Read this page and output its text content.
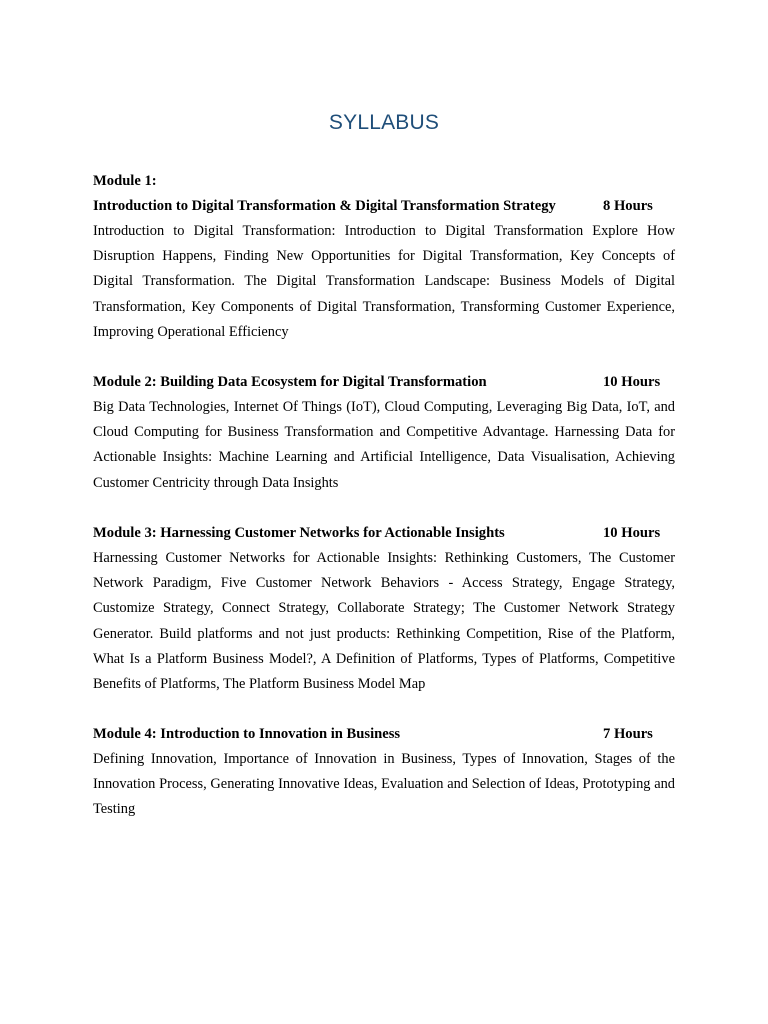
SYLLABUS
Module 1:
Introduction to Digital Transformation & Digital Transformation Strategy	8 Hours
Introduction to Digital Transformation: Introduction to Digital Transformation Explore How Disruption Happens, Finding New Opportunities for Digital Transformation, Key Concepts of Digital Transformation. The Digital Transformation Landscape: Business Models of Digital Transformation, Key Components of Digital Transformation, Transforming Customer Experience, Improving Operational Efficiency
Module 2: Building Data Ecosystem for Digital Transformation	10 Hours
Big Data Technologies, Internet Of Things (IoT), Cloud Computing, Leveraging Big Data, IoT, and Cloud Computing for Business Transformation and Competitive Advantage. Harnessing Data for Actionable Insights: Machine Learning and Artificial Intelligence, Data Visualisation, Achieving Customer Centricity through Data Insights
Module 3: Harnessing Customer Networks for Actionable Insights	10 Hours
Harnessing Customer Networks for Actionable Insights: Rethinking Customers, The Customer Network Paradigm, Five Customer Network Behaviors - Access Strategy, Engage Strategy, Customize Strategy, Connect Strategy, Collaborate Strategy; The Customer Network Strategy Generator. Build platforms and not just products: Rethinking Competition, Rise of the Platform, What Is a Platform Business Model?, A Definition of Platforms, Types of Platforms, Competitive Benefits of Platforms, The Platform Business Model Map
Module 4: Introduction to Innovation in Business	7 Hours
Defining Innovation, Importance of Innovation in Business, Types of Innovation, Stages of the Innovation Process, Generating Innovative Ideas, Evaluation and Selection of Ideas, Prototyping and Testing
